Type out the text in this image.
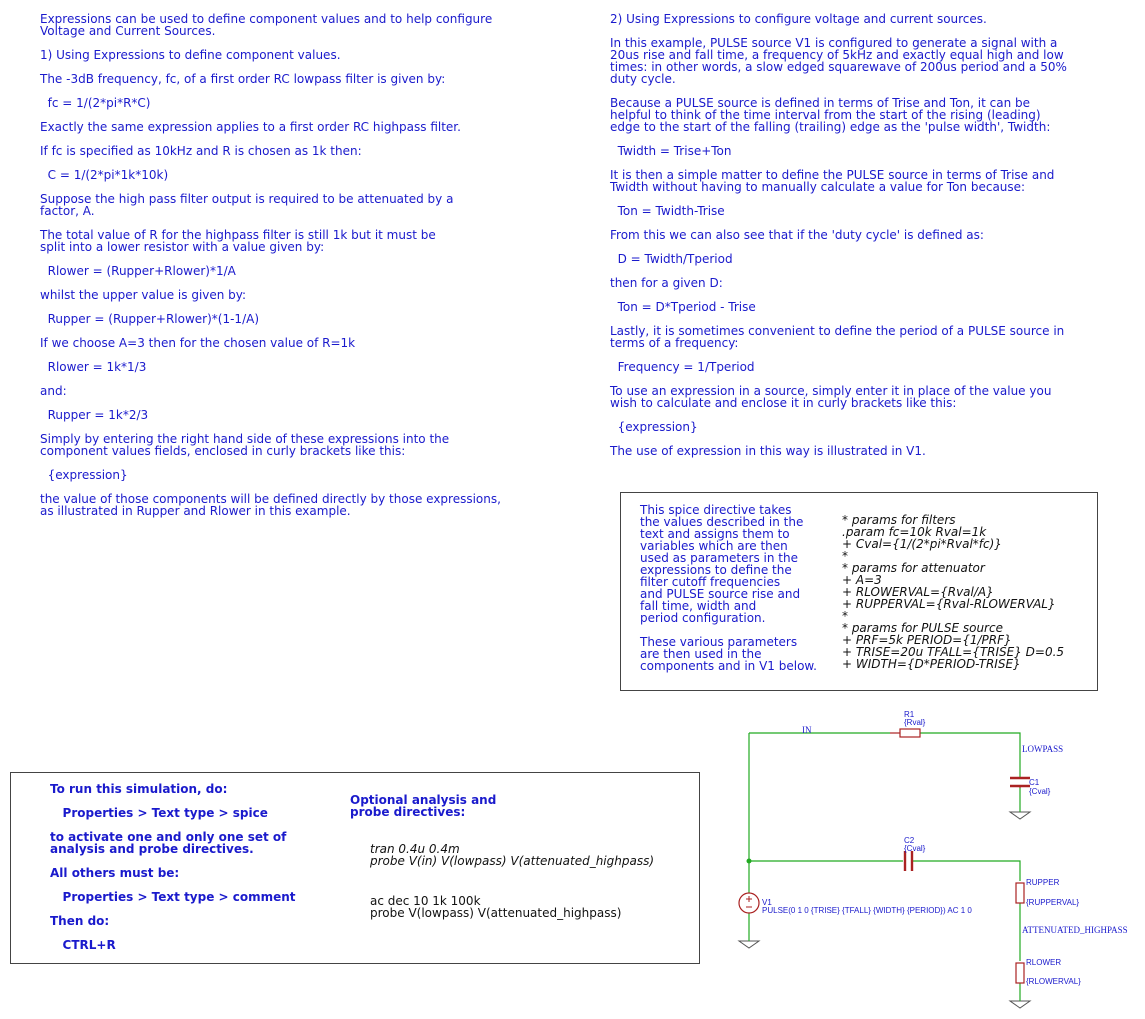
Expressions can be used to define component values and to help configure

Voltage and Current Sources.

1) Using Expressions to define component values.

The -3dB frequency, fc, of a first order RC lowpass filter is given by:

fc = 1/(2*pi*R*C)

Exactly the same expression applies to a first order RC highpass filter.

If fc is specified as 10kHz and R is chosen as 1k then:

C = 1/(2*pi*1k*10k)

Suppose the high pass filter output is required to be attenuated by a

factor, A.

The total value of R for the highpass filter is still 1k but it must be

split into a lower resistor with a value given by:

Rlower = (Rupper+Rlower)*1/A

whilst the upper value is given by:

Rupper = (Rupper+Rlower)*(1-1/A)

If we choose A=3 then for the chosen value of R=1k

Rlower = 1k*1/3

and:

Rupper = 1k*2/3

Simply by entering the right hand side of these expressions into the

component values fields, enclosed in curly brackets like this:

{expression}

the value of those components will be defined directly by those expressions,

as illustrated in Rupper and Rlower in this example.

2) Using Expressions to configure voltage and current sources.

In this example, PULSE source V1 is configured to generate a signal with a

20us rise and fall time, a frequency of 5kHz and exactly equal high and low

times: in other words, a slow edged squarewave of 200us period and a 50%

duty cycle.

Because a PULSE source is defined in terms of Trise and Ton, it can be

helpful to think of the time interval from the start of the rising (leading)

edge to the start of the falling (trailing) edge as the 'pulse width', Twidth:

Twidth = Trise+Ton

It is then a simple matter to define the PULSE source in terms of Trise and

Twidth without having to manually calculate a value for Ton because:

Ton = Twidth-Trise

From this we can also see that if the 'duty cycle' is defined as:

D = Twidth/Tperiod

then for a given D:

Ton = D*Tperiod - Trise

Lastly, it is sometimes convenient to define the period of a PULSE source in

terms of a frequency:

Frequency = 1/Tperiod

To use an expression in a source, simply enter it in place of the value you

wish to calculate and enclose it in curly brackets like this:

{expression}

The use of expression in this way is illustrated in V1.

This spice directive takes

the values described in the

text and assigns them to

variables which are then

used as parameters in the

expressions to define the

filter cutoff frequencies

and PULSE source rise and

fall time, width and

period configuration.

These various parameters

are then used in the

components and in V1 below.

* params for filters

.param fc=10k Rval=1k

+ Cval={1/(2*pi*Rval*fc)}

*

* params for attenuator

+ A=3

+ RLOWERVAL={Rval/A}

+ RUPPERVAL={Rval-RLOWERVAL}

*

* params for PULSE source

+ PRF=5k PERIOD={1/PRF}

+ TRISE=20u TFALL={TRISE} D=0.5

+ WIDTH={D*PERIOD-TRISE}

To run this simulation, do:

Properties > Text type > spice

to activate one and only one set of

analysis and probe directives.

All others must be:

Properties > Text type > comment

Then do:

CTRL+R

Optional analysis and

probe directives:

tran 0.4u 0.4m

probe V(in) V(lowpass) V(attenuated_highpass)

ac dec 10 1k 100k

probe V(lowpass) V(attenuated_highpass)

IN
LOWPASS
ATTENUATED_HIGHPASS
R1
{Rval}
C1
{Cval}
C2
{Cval}
RUPPER
{RUPPERVAL}
RLOWER
{RLOWERVAL}
V1
PULSE(0 1 0 {TRISE} {TFALL} {WIDTH} {PERIOD}) AC 1 0
